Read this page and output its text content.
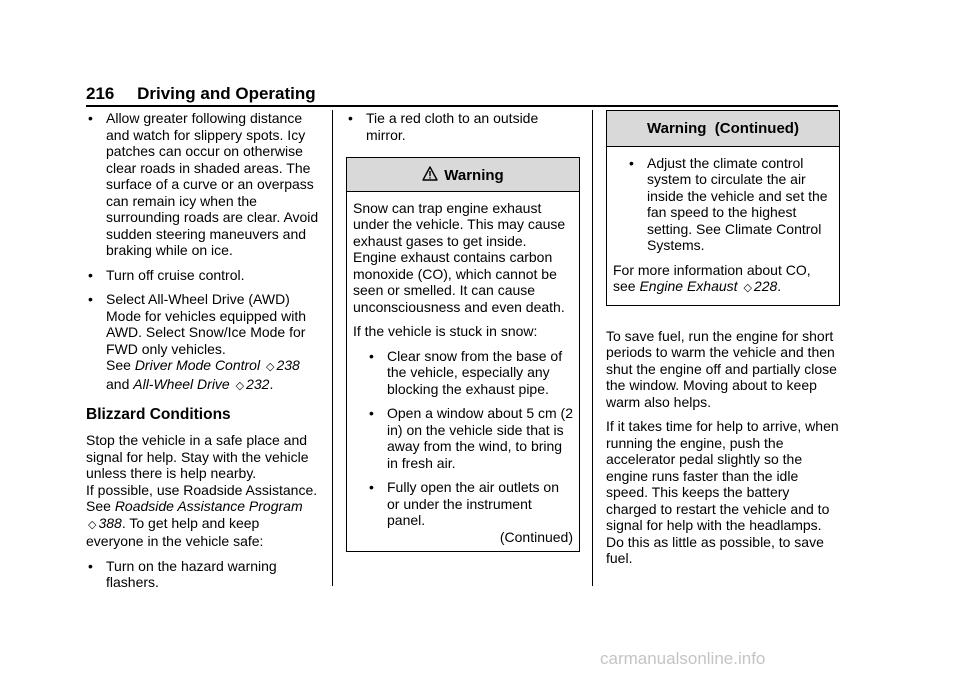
216 Driving and Operating
• Allow greater following distance and watch for slippery spots. Icy patches can occur on otherwise clear roads in shaded areas. The surface of a curve or an overpass can remain icy when the surrounding roads are clear. Avoid sudden steering maneuvers and braking while on ice.
• Turn off cruise control.
• Select All-Wheel Drive (AWD) Mode for vehicles equipped with AWD. Select Snow/Ice Mode for FWD only vehicles.
See Driver Mode Control ◇ 238
and All-Wheel Drive ◇ 232.
Blizzard Conditions

Stop the vehicle in a safe place and signal for help. Stay with the vehicle unless there is help nearby.

If possible, use Roadside Assistance. See Roadside Assistance Program ◇ 388. To get help and keep everyone in the vehicle safe:

• Turn on the hazard warning flashers.
• Tie a red cloth to an outside mirror.
Warning

Snow can trap engine exhaust under the vehicle. This may cause exhaust gases to get inside. Engine exhaust contains carbon monoxide (CO), which cannot be seen or smelled. It can cause unconsciousness and even death.

If the vehicle is stuck in snow:

• Clear snow from the base of the vehicle, especially any blocking the exhaust pipe.
• Open a window about 5 cm (2 in) on the vehicle side that is away from the wind, to bring in fresh air.
• Fully open the air outlets on or under the instrument panel.

(Continued)

Warning  (Continued)
• Adjust the climate control system to circulate the air inside the vehicle and set the fan speed to the highest setting. See Climate Control Systems.

For more information about CO, see Engine Exhaust ◇ 228.

To save fuel, run the engine for short periods to warm the vehicle and then shut the engine off and partially close the window. Moving about to keep warm also helps.

If it takes time for help to arrive, when running the engine, push the accelerator pedal slightly so the engine runs faster than the idle speed. This keeps the battery charged to restart the vehicle and to signal for help with the headlamps. Do this as little as possible, to save fuel.

carmanualsonline.info
